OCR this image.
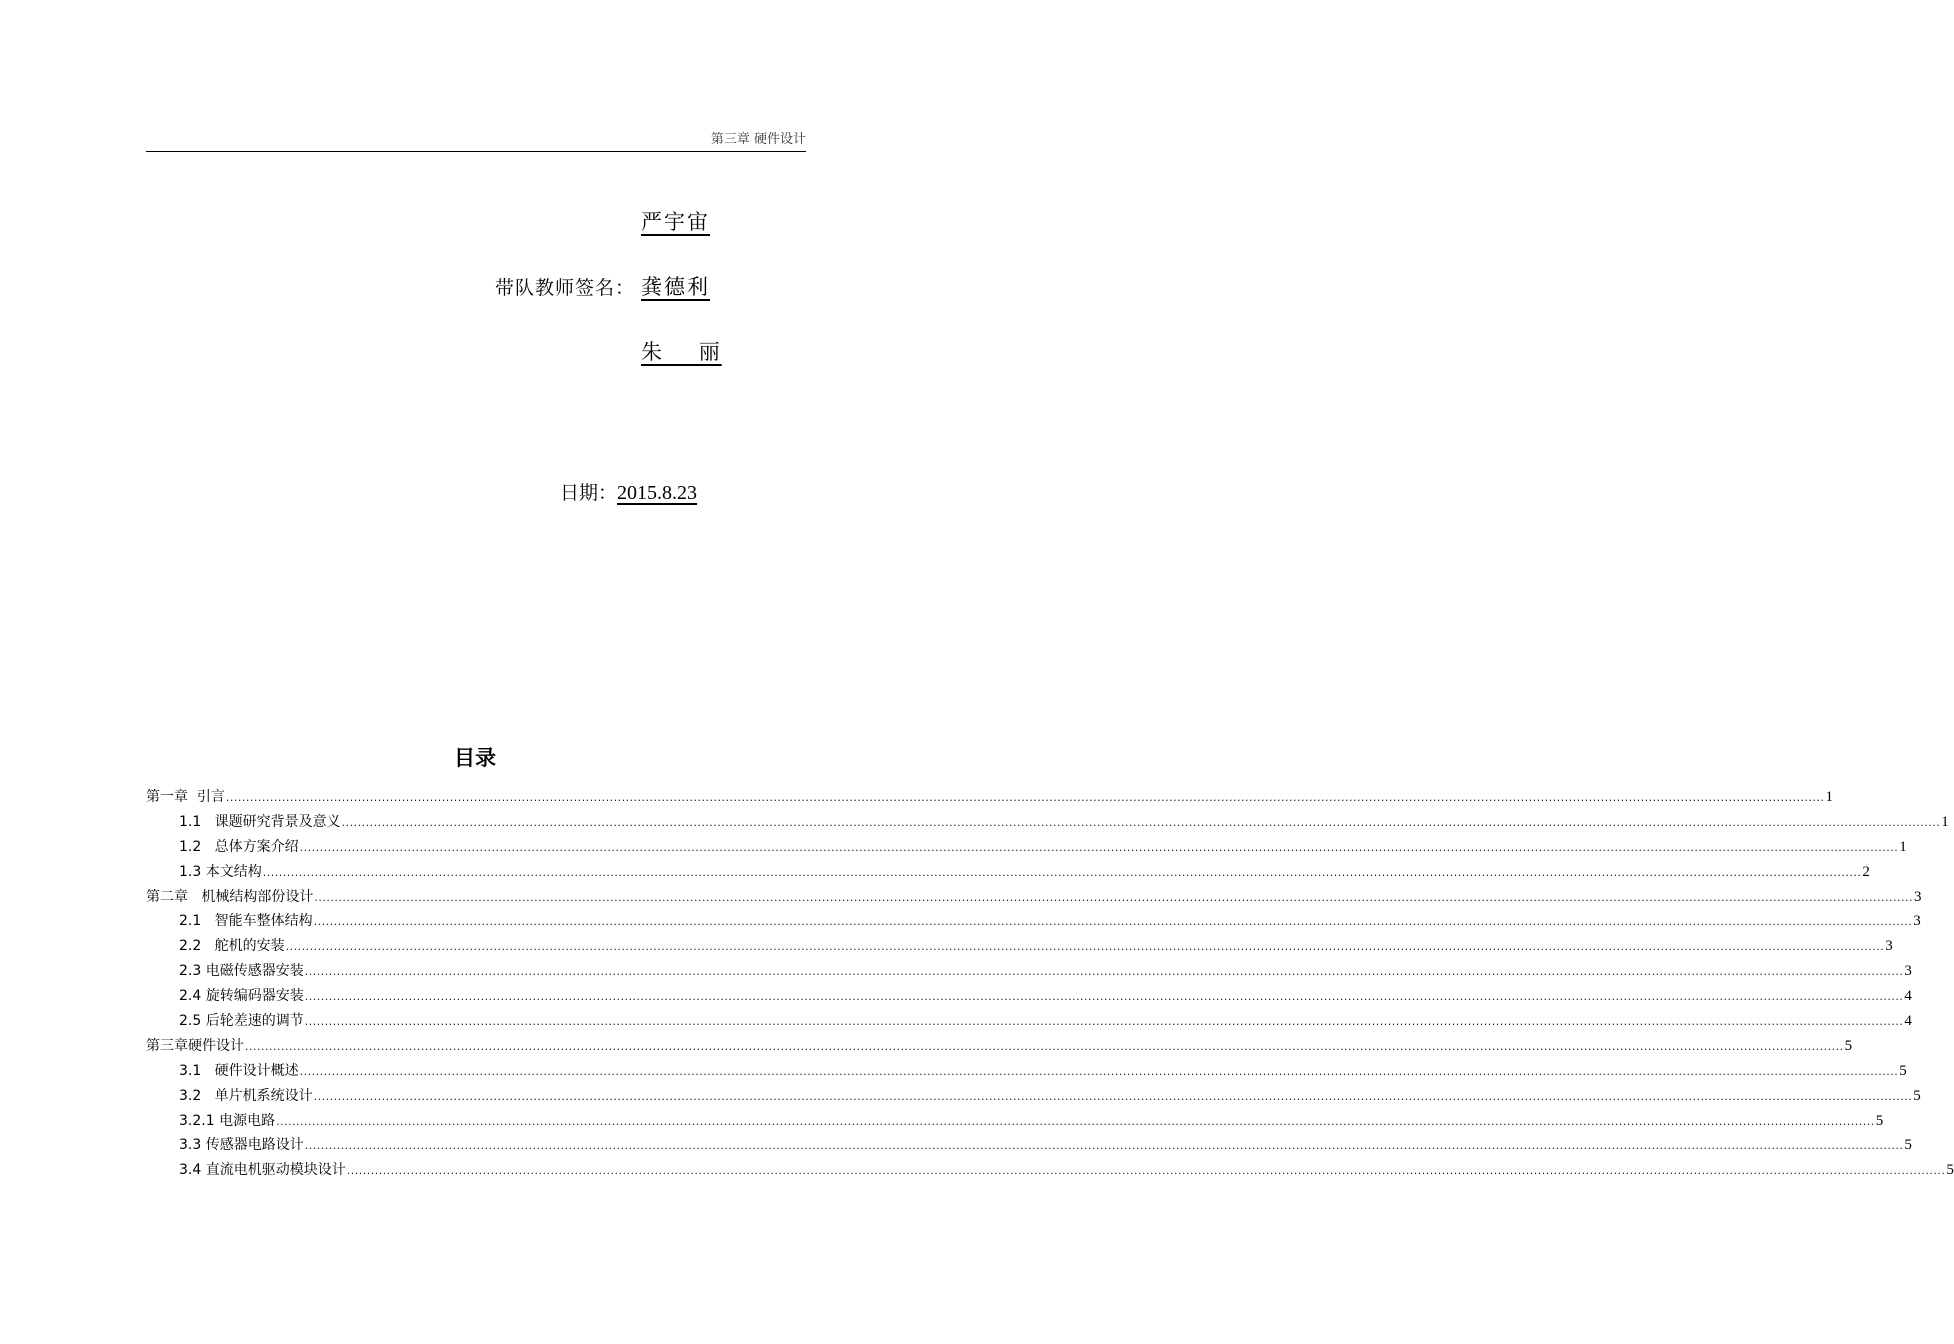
第三章 硬件设计
严宇宙
带队教师签名： 龚德利
朱    丽
日期：2015.8.23
目录
第一章  引言 ................................................................................................................................................................................................................................................................................................................................................................................................................ 1
1.1   课题研究背景及意义 ................................................................................................................................................................................................................................................................................................................................................................................................................ 1
1.2   总体方案介绍 ................................................................................................................................................................................................................................................................................................................................................................................................................ 1
1.3 本文结构 ................................................................................................................................................................................................................................................................................................................................................................................................................ 2
第二章   机械结构部份设计 ................................................................................................................................................................................................................................................................................................................................................................................................................ 3
2.1   智能车整体结构 ................................................................................................................................................................................................................................................................................................................................................................................................................ 3
2.2   舵机的安装 ................................................................................................................................................................................................................................................................................................................................................................................................................ 3
2.3 电磁传感器安装 ................................................................................................................................................................................................................................................................................................................................................................................................................ 3
2.4 旋转编码器安装 ................................................................................................................................................................................................................................................................................................................................................................................................................ 4
2.5 后轮差速的调节 ................................................................................................................................................................................................................................................................................................................................................................................................................ 4
第三章硬件设计 ................................................................................................................................................................................................................................................................................................................................................................................................................ 5
3.1   硬件设计概述 ................................................................................................................................................................................................................................................................................................................................................................................................................ 5
3.2   单片机系统设计 ................................................................................................................................................................................................................................................................................................................................................................................................................ 5
3.2.1 电源电路 ................................................................................................................................................................................................................................................................................................................................................................................................................ 5
3.3 传感器电路设计 ................................................................................................................................................................................................................................................................................................................................................................................................................ 5
3.4 直流电机驱动模块设计 ................................................................................................................................................................................................................................................................................................................................................................................................................ 5
